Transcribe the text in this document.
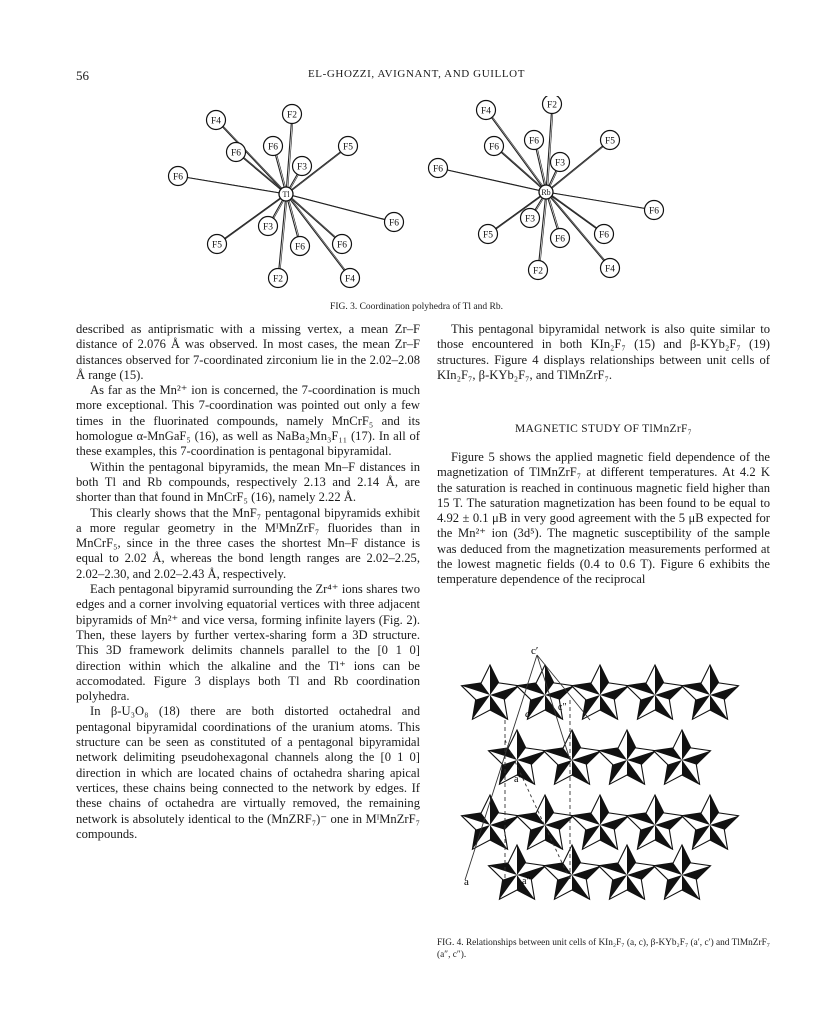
56	EL-GHOZZI, AVIGNANT, AND GUILLOT
F4
F2
F6
F6
F3
F5
F6
F3	F6
F6
F5	F6
F2	F4
Tl
F4
F2
F6
F6
F3
F5
F6
F3
F6
F6
F5	F6
F2	F4
Rb
FIG. 3. Coordination polyhedra of Tl and Rb.

described as antiprismatic with a missing vertex, a mean Zr–F distance of 2.076 Å was observed. In most cases, the mean Zr–F distances observed for 7-coordinated zirconium lie in the 2.02–2.08 Å range (15).

As far as the Mn²⁺ ion is concerned, the 7-coordination is much more exceptional. This 7-coordination was pointed out only a few times in the fluorinated compounds, namely MnCrF₅ and its homologue α-MnGaF₅ (16), as well as NaBa₂Mn₃F₁₁ (17). In all of these examples, this 7-coordination is pentagonal bipyramidal.

Within the pentagonal bipyramids, the mean Mn–F distances in both Tl and Rb compounds, respectively 2.13 and 2.14 Å, are shorter than that found in MnCrF₅ (16), namely 2.22 Å.

This clearly shows that the MnF₇ pentagonal bipyramids exhibit a more regular geometry in the MᴵMnZrF₇ fluorides than in MnCrF₅, since in the three cases the shortest Mn–F distance is equal to 2.02 Å, whereas the bond length ranges are 2.02–2.25, 2.02–2.30, and 2.02–2.43 Å, respectively.

Each pentagonal bipyramid surrounding the Zr⁴⁺ ions shares two edges and a corner involving equatorial vertices with three adjacent bipyramids of Mn²⁺ and vice versa, forming infinite layers (Fig. 2). Then, these layers by further vertex-sharing form a 3D structure. This 3D framework delimits channels parallel to the [0 1 0] direction within which the alkaline and the Tl⁺ ions can be accomodated. Figure 3 displays both Tl and Rb coordination polyhedra.

In β-U₃O₈ (18) there are both distorted octahedral and pentagonal bipyramidal coordinations of the uranium atoms. This structure can be seen as constituted of a pentagonal bipyramidal network delimiting pseudohexagonal channels along the [0 1 0] direction in which are located chains of octahedra sharing apical vertices, these chains being connected to the network by edges. If these chains of octahedra are virtually removed, the remaining network is absolutely identical to the (MnZRF₇)⁻ one in MᴵMnZrF₇ compounds.

This pentagonal bipyramidal network is also quite similar to those encountered in both KIn₂F₇ (15) and β-KYb₂F₇ (19) structures. Figure 4 displays relationships between unit cells of KIn₂F₇, β-KYb₂F₇, and TlMnZrF₇.

MAGNETIC STUDY OF TlMnZrF₇

Figure 5 shows the applied magnetic field dependence of the magnetization of TlMnZrF₇ at different temperatures. At 4.2 K the saturation is reached in continuous magnetic field higher than 15 T. The saturation magnetization has been found to be equal to 4.92 ± 0.1 μB in very good agreement with the 5 μB expected for the Mn²⁺ ion (3d⁵). The magnetic susceptibility of the sample was deduced from the magnetization measurements performed at the lowest magnetic fields (0.4 to 0.6 T). Figure 6 exhibits the temperature dependence of the reciprocal

c′
c
c″
a′
a	a″
FIG. 4. Relationships between unit cells of KIn₂F₇ (a, c), β-KYb₂F₇ (a′, c′) and TlMnZrF₇ (a″, c″).
